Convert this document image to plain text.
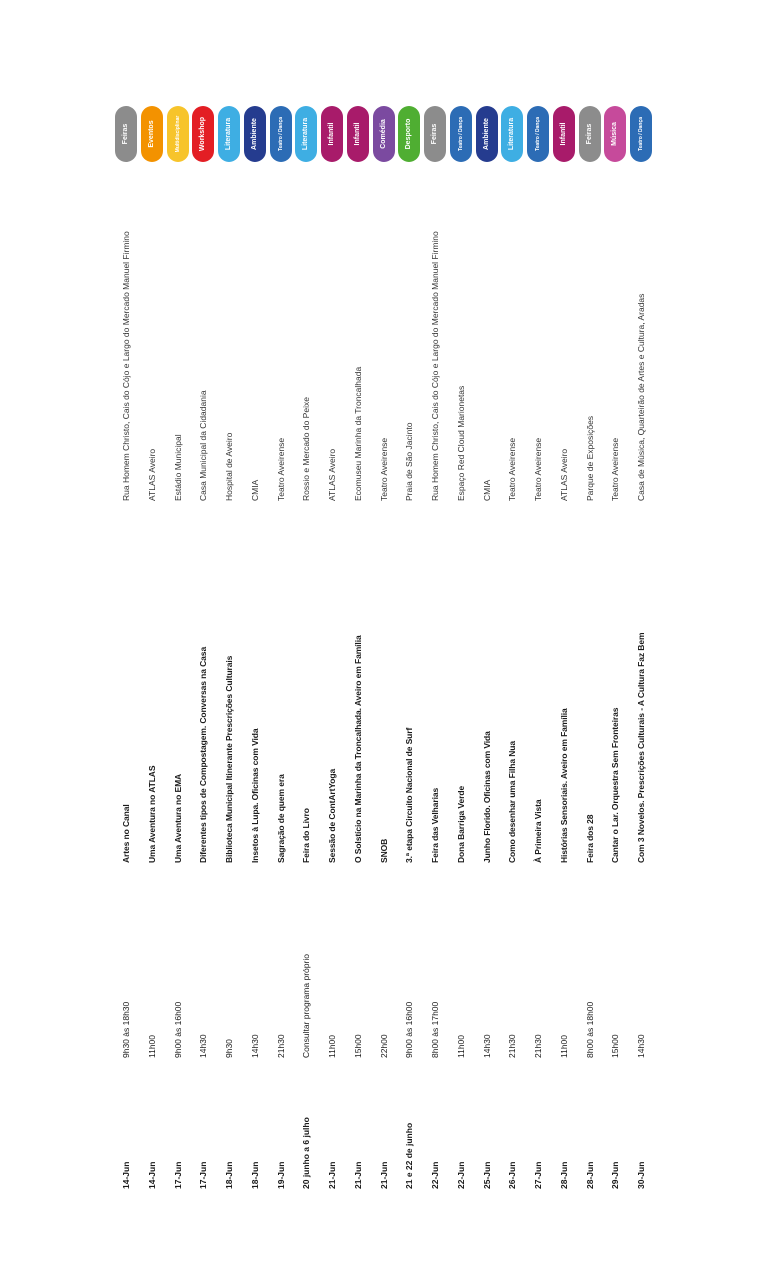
14-Jun
9h30 às 18h30
Artes no Canal
Rua Homem Christo, Cais do Cójo e Largo do Mercado Manuel Firmino
Feiras
14-Jun
11h00
Uma Aventura no ATLAS
ATLAS Aveiro
Eventos
17-Jun
9h00 às 16h00
Uma Aventura no EMA
Estádio Municipal
Multidisciplinar
17-Jun
14h30
Diferentes tipos de Compostagem. Conversas na Casa
Casa Municipal da Cidadania
Workshop
18-Jun
9h30
Biblioteca Municipal Itinerante Prescrições Culturais
Hospital de Aveiro
Literatura
18-Jun
14h30
Insetos à Lupa. Oficinas com Vida
CMIA
Ambiente
19-Jun
21h30
Sagração de quem era
Teatro Aveirense
Teatro / Dança
20 junho a 6 julho
Consultar programa próprio
Feira do Livro
Rossio e Mercado do Peixe
Literatura
21-Jun
11h00
Sessão de ContArtYoga
ATLAS Aveiro
Infantil
21-Jun
15h00
O Solstício na Marinha da Troncalhada. Aveiro em Família
Ecomuseu Marinha da Troncalhada
Infantil
21-Jun
22h00
SNOB
Teatro Aveirense
Comédia
21 e 22 de junho
9h00 às 16h00
3.ª etapa Circuito Nacional de Surf
Praia de São Jacinto
Desporto
22-Jun
8h00 às 17h00
Feira das Velharias
Rua Homem Christo, Cais do Cójo e Largo do Mercado Manuel Firmino
Feiras
22-Jun
11h00
Dona Barriga Verde
Espaço Red Cloud Marionetas
Teatro / Dança
25-Jun
14h30
Junho Florido. Oficinas com Vida
CMIA
Ambiente
26-Jun
21h30
Como desenhar uma Filha Nua
Teatro Aveirense
Literatura
27-Jun
21h30
À Primeira Vista
Teatro Aveirense
Teatro / Dança
28-Jun
11h00
Histórias Sensoriais. Aveiro em Família
ATLAS Aveiro
Infantil
28-Jun
8h00 às 18h00
Feira dos 28
Parque de Exposições
Feiras
29-Jun
15h00
Cantar o Lar. Orquestra Sem Fronteiras
Teatro Aveirense
Música
30-Jun
14h30
Com 3 Novelos. Prescrições Culturais - A Cultura Faz Bem
Casa de Música, Quarteirão de Artes e Cultura, Aradas
Teatro / Dança
